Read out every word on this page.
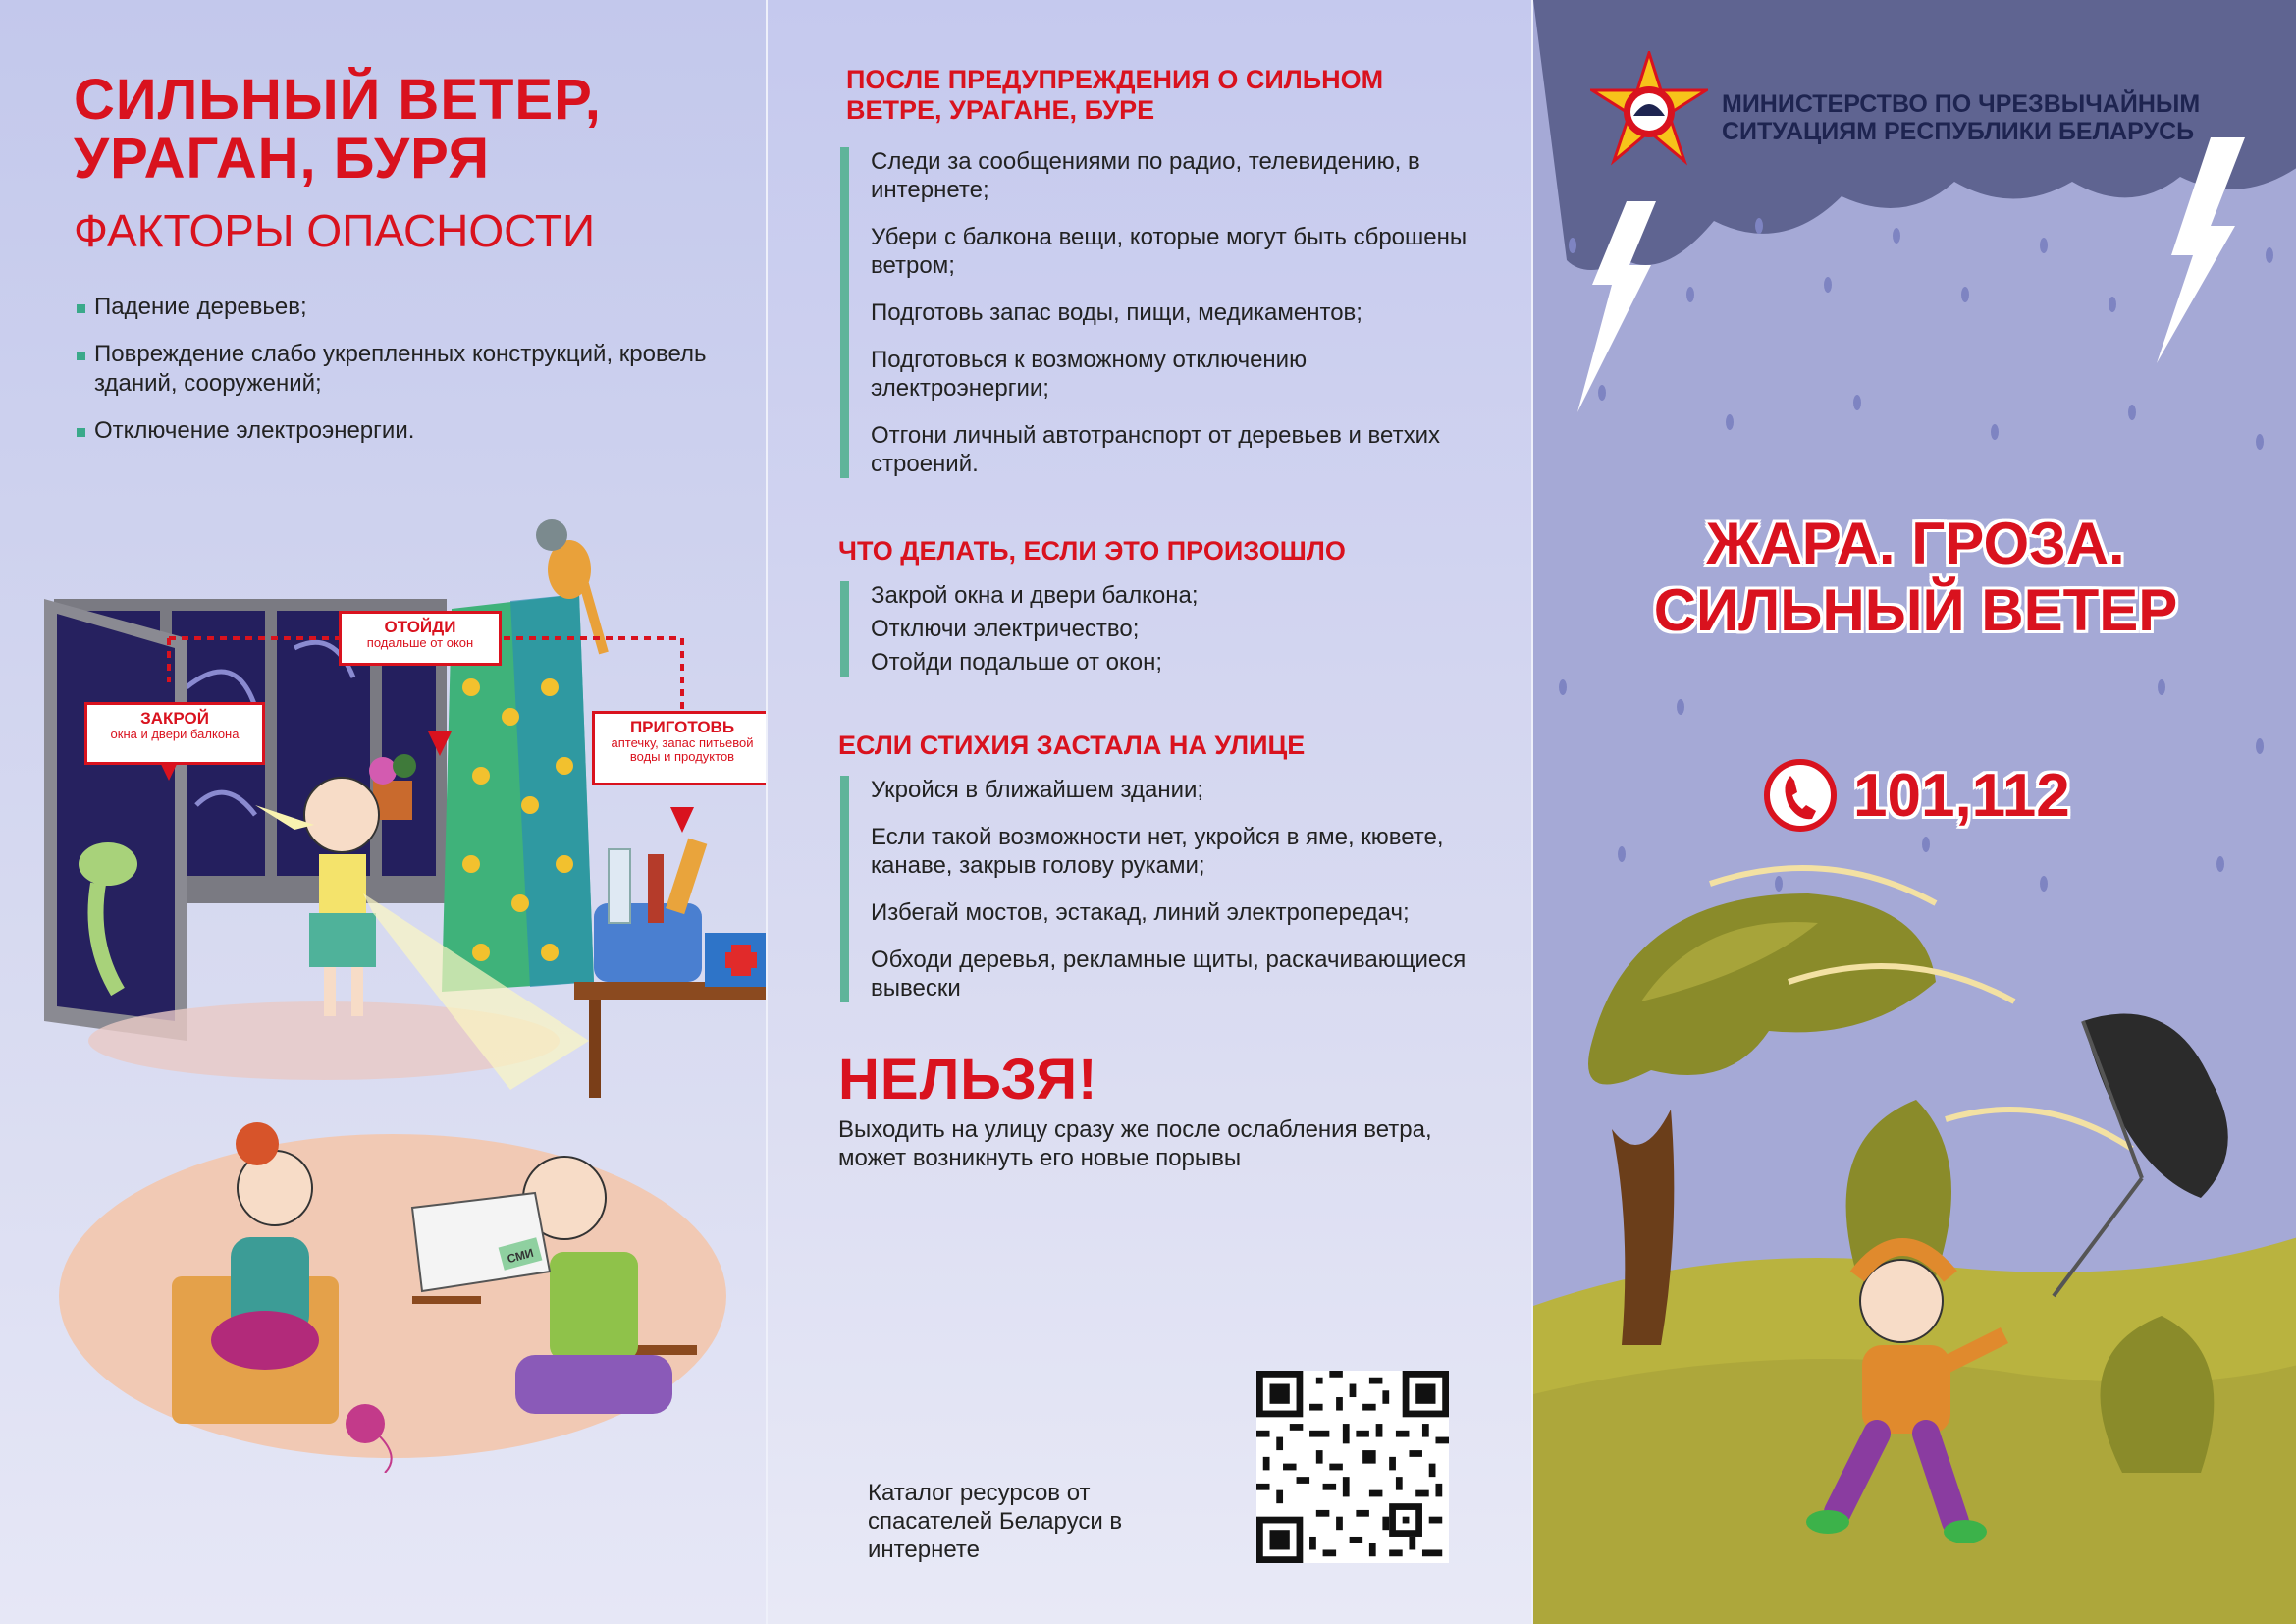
СИЛЬНЫЙ ВЕТЕР,
УРАГАН, БУРЯ
ФАКТОРЫ ОПАСНОСТИ
Падение деревьев;
Повреждение слабо укрепленных конструкций, кровель зданий, сооружений;
Отключение электроэнергии.
ЗАКРОЙ
окна и двери балкона
ОТОЙДИ
подальше от окон
ПРИГОТОВЬ
аптечку, запас питьевой воды и продуктов
СМИ
ПОСЛЕ ПРЕДУПРЕЖДЕНИЯ О СИЛЬНОМ ВЕТРЕ, УРАГАНЕ, БУРЕ
Следи за сообщениями по радио, телевидению, в интернете;
Убери с балкона вещи, которые могут быть сброшены ветром;
Подготовь запас воды, пищи, медикаментов;
Подготовься к возможному отключению электроэнергии;
Отгони личный автотранспорт от деревьев и ветхих строений.
ЧТО ДЕЛАТЬ, ЕСЛИ ЭТО ПРОИЗОШЛО
Закрой окна и двери балкона;
Отключи электричество;
Отойди подальше от окон;
ЕСЛИ СТИХИЯ ЗАСТАЛА НА УЛИЦЕ
Укройся в ближайшем здании;
Если такой возможности нет, укройся в яме, кювете, канаве, закрыв голову руками;
Избегай мостов, эстакад, линий электропередач;
Обходи деревья, рекламные щиты, раскачивающиеся вывески
НЕЛЬЗЯ!

Выходить на улицу сразу же после ослабления ветра, может возникнуть его новые порывы

Каталог ресурсов от спасателей Беларуси в интернете

МИНИСТЕРСТВО ПО ЧРЕЗВЫЧАЙНЫМ
СИТУАЦИЯМ РЕСПУБЛИКИ БЕЛАРУСЬ

ЖАРА. ГРОЗА.
СИЛЬНЫЙ ВЕТЕР
101,112
